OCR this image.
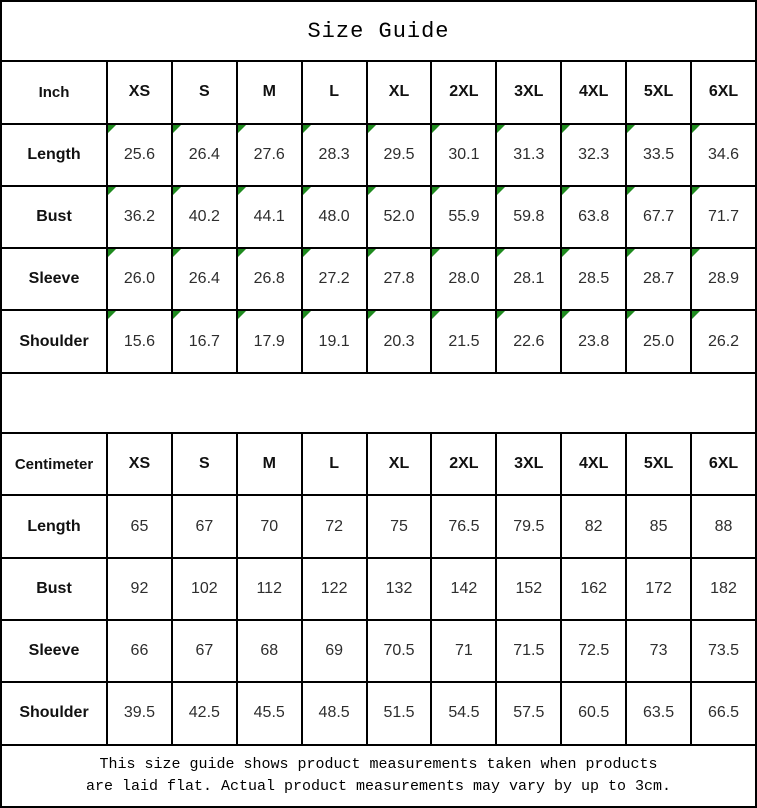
Size Guide										
Inch	XS	S	M	L	XL	2XL	3XL	4XL	5XL	6XL
Length	25.6	26.4	27.6	28.3	29.5	30.1	31.3	32.3	33.5	34.6
Bust	36.2	40.2	44.1	48.0	52.0	55.9	59.8	63.8	67.7	71.7
Sleeve	26.0	26.4	26.8	27.2	27.8	28.0	28.1	28.5	28.7	28.9
Shoulder	15.6	16.7	17.9	19.1	20.3	21.5	22.6	23.8	25.0	26.2

Centimeter	XS	S	M	L	XL	2XL	3XL	4XL	5XL	6XL
Length	65	67	70	72	75	76.5	79.5	82	85	88
Bust	92	102	112	122	132	142	152	162	172	182
Sleeve	66	67	68	69	70.5	71	71.5	72.5	73	73.5
Shoulder	39.5	42.5	45.5	48.5	51.5	54.5	57.5	60.5	63.5	66.5

This size guide shows product measurements taken when products
are laid flat. Actual product measurements may vary by up to 3cm.										
